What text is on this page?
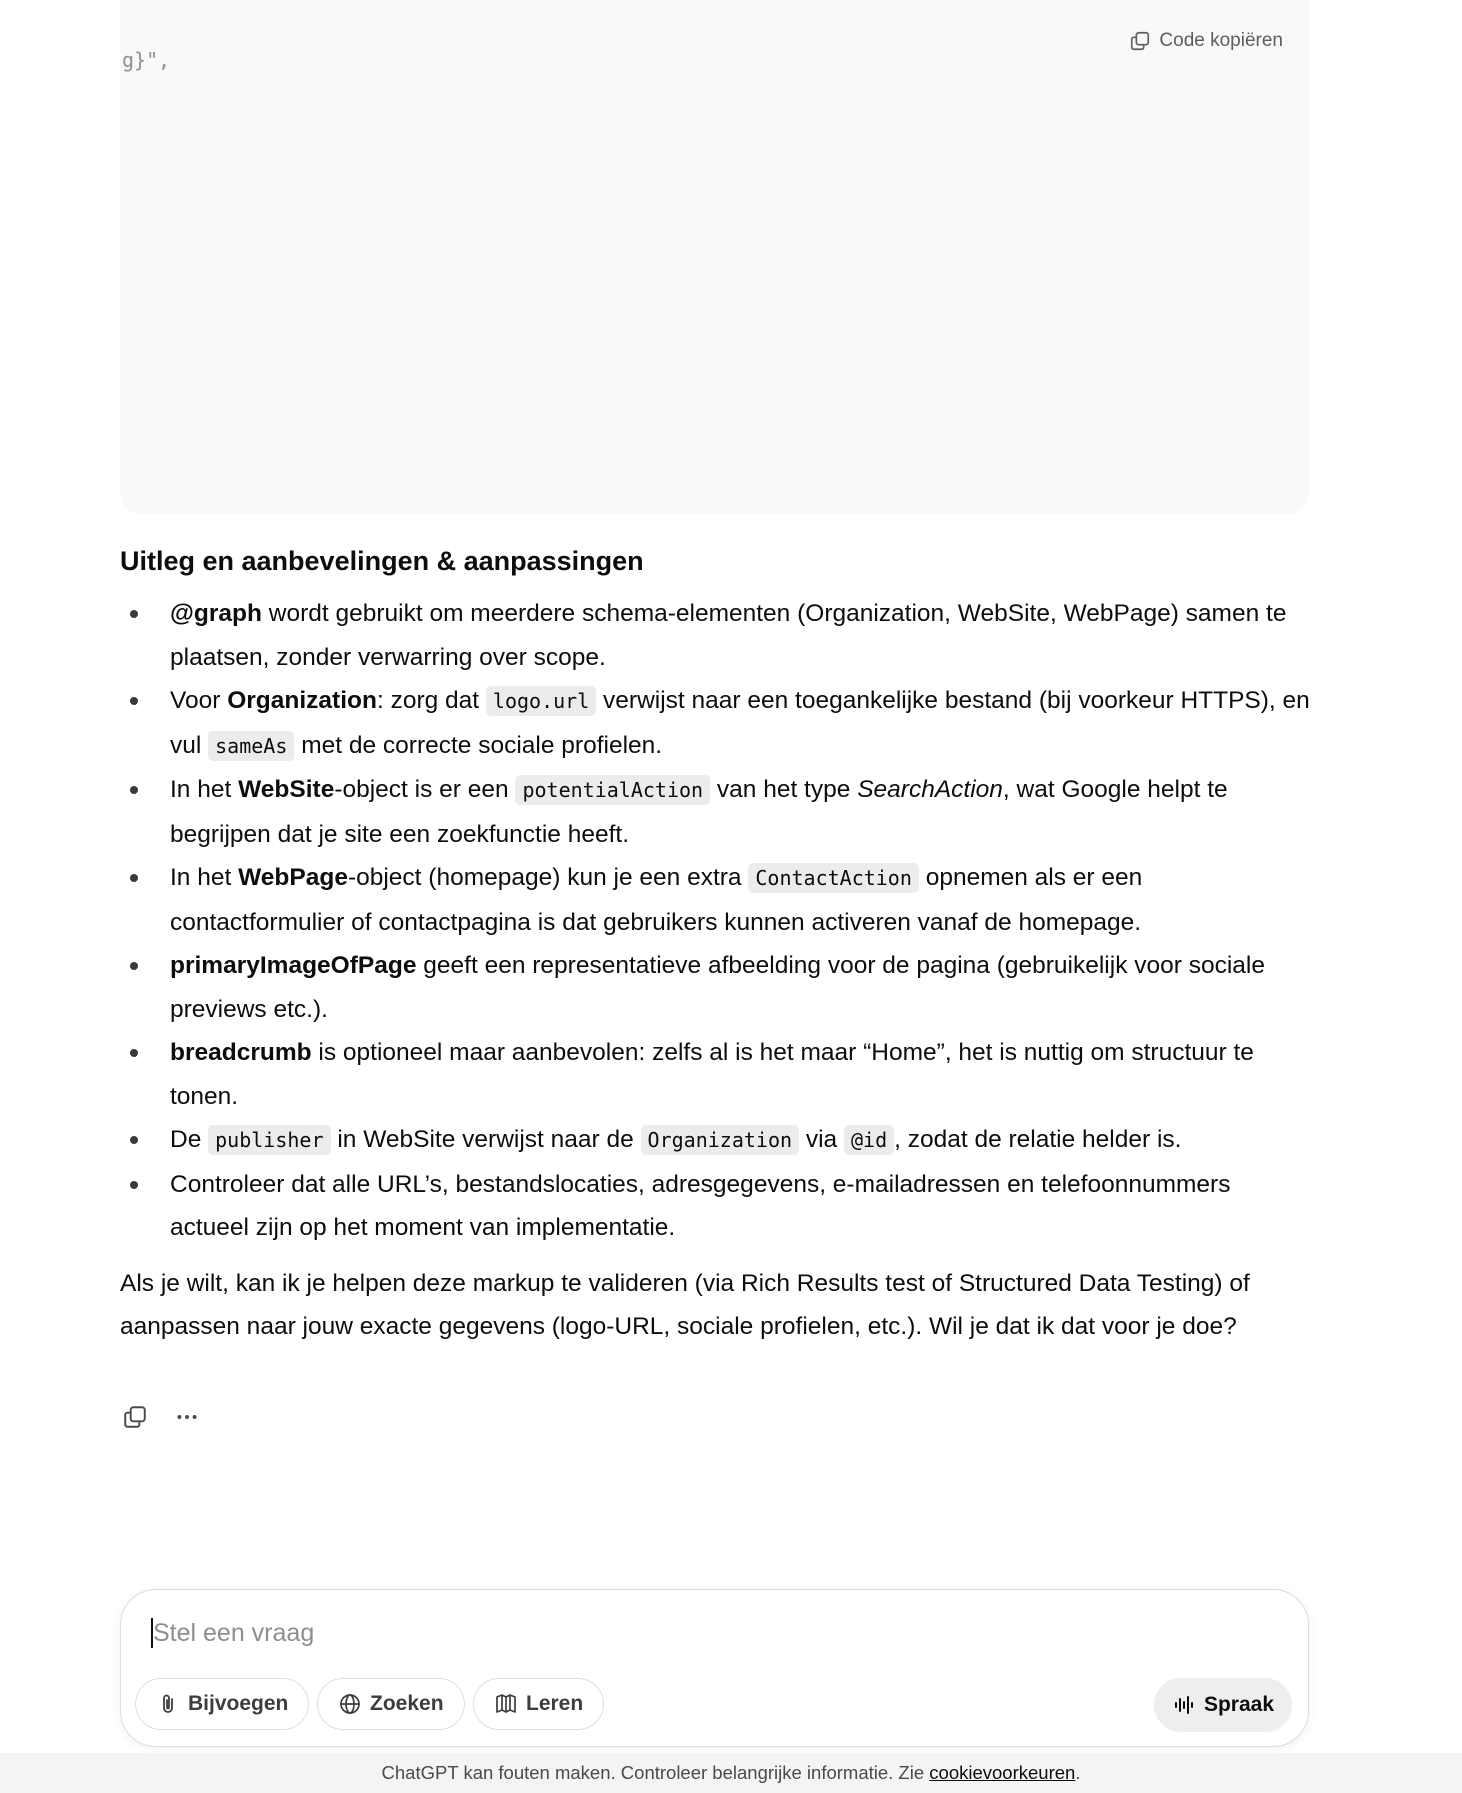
g}",
Code kopiëren
Uitleg en aanbevelingen & aanpassingen
@graph wordt gebruikt om meerdere schema-elementen (Organization, WebSite, WebPage) samen te plaatsen, zonder verwarring over scope.
Voor Organization: zorg dat logo.url verwijst naar een toegankelijke bestand (bij voorkeur HTTPS), en vul sameAs met de correcte sociale profielen.
In het WebSite-object is er een potentialAction van het type SearchAction, wat Google helpt te begrijpen dat je site een zoekfunctie heeft.
In het WebPage-object (homepage) kun je een extra ContactAction opnemen als er een contactformulier of contactpagina is dat gebruikers kunnen activeren vanaf de homepage.
primaryImageOfPage geeft een representatieve afbeelding voor de pagina (gebruikelijk voor sociale previews etc.).
breadcrumb is optioneel maar aanbevolen: zelfs al is het maar “Home”, het is nuttig om structuur te tonen.
De publisher in WebSite verwijst naar de Organization via @id , zodat de relatie helder is.
Controleer dat alle URL’s, bestandslocaties, adresgegevens, e-mailadressen en telefoonnummers actueel zijn op het moment van implementatie.

Als je wilt, kan ik je helpen deze markup te valideren (via Rich Results test of Structured Data Testing) of aanpassen naar jouw exacte gegevens (logo-URL, sociale profielen, etc.). Wil je dat ik dat voor je doe?

Stel een vraag
Bijvoegen	Zoeken	Leren	Spraak
ChatGPT kan fouten maken. Controleer belangrijke informatie. Zie cookievoorkeuren.
